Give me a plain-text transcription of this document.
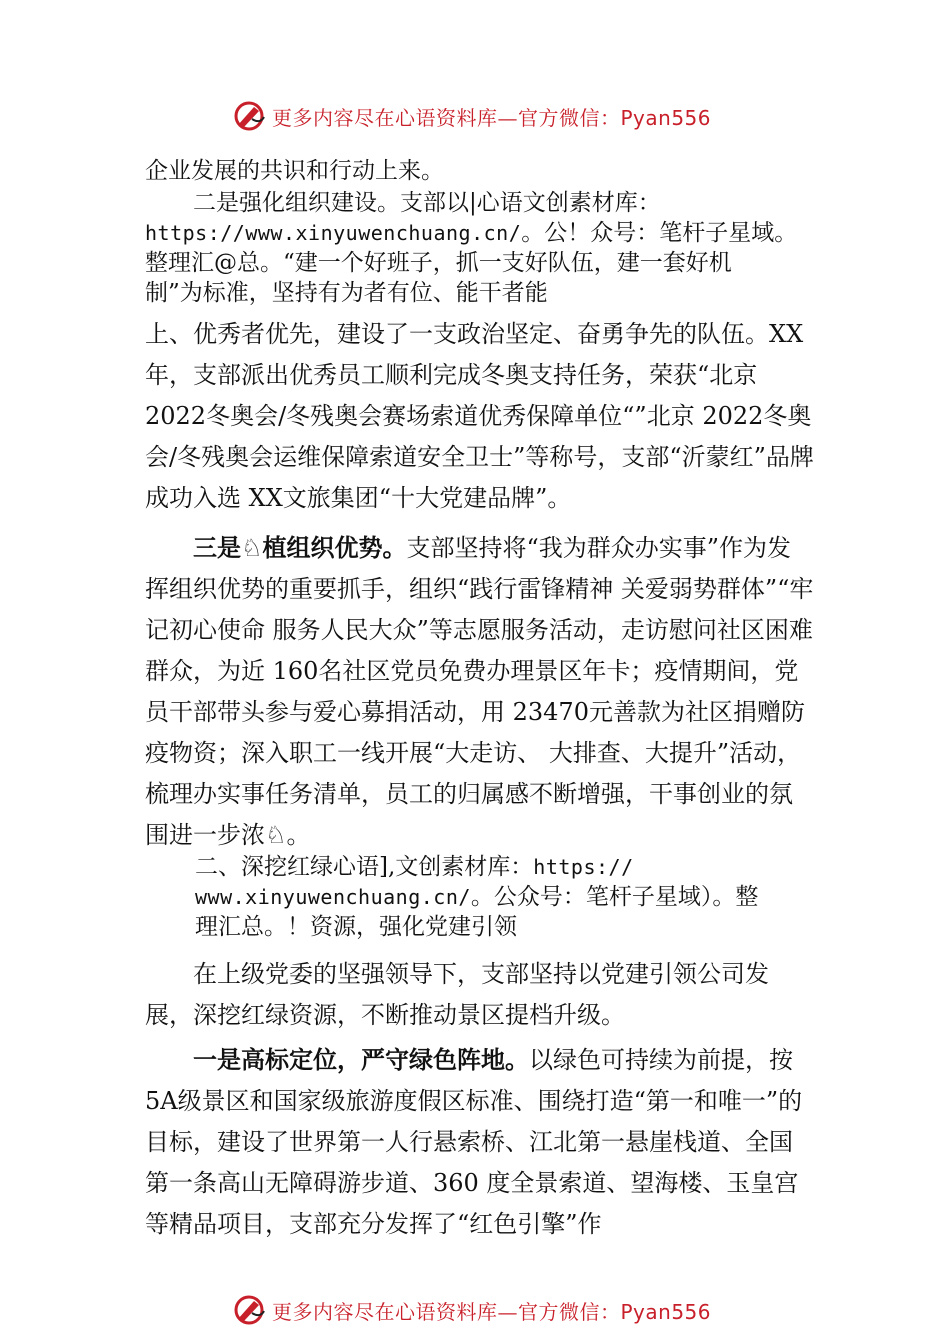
更多内容尽在心语资料库—官方微信：Pyan556

企业发展的共识和行动上来。

二是强化组织建设。支部以|心语文创素材库：
https://www.xinyuwenchuang.cn/。公！众号：笔杆子星域。
整理汇@总。“建一个好班子，抓一支好队伍，建一套好机
制”为标准，坚持有为者有位、能干者能

上、优秀者优先，建设了一支政治坚定、奋勇争先的队伍。XX年，支部派出优秀员工顺利完成冬奥支持任务，荣获“北京2022冬奥会/冬残奥会赛场索道优秀保障单位“”北京 2022冬奥会/冬残奥会运维保障索道安全卫士”等称号，支部“沂蒙红”品牌成功入选 XX文旅集团“十大党建品牌”。

三是♘植组织优势。支部坚持将“我为群众办实事”作为发挥组织优势的重要抓手，组织“践行雷锋精神 关爱弱势群体”“牢记初心使命 服务人民大众”等志愿服务活动，走访慰问社区困难群众，为近 160名社区党员免费办理景区年卡；疫情期间，党员干部带头参与爱心募捐活动，用 23470元善款为社区捐赠防疫物资；深入职工一线开展“大走访、 大排查、大提升”活动，梳理办实事任务清单，员工的归属感不断增强，干事创业的氛围进一步浓♘。

二、深挖红绿心语],文创素材库：https://
www.xinyuwenchuang.cn/。公众号：笔杆子星域）。整
理汇总。！资源，强化党建引领

在上级党委的坚强领导下，支部坚持以党建引领公司发展，深挖红绿资源，不断推动景区提档升级。

一是高标定位，严守绿色阵地。以绿色可持续为前提，按 5A级景区和国家级旅游度假区标准、围绕打造“第一和唯一”的目标，建设了世界第一人行悬索桥、江北第一悬崖栈道、全国第一条高山无障碍游步道、360 度全景索道、望海楼、玉皇宫等精品项目，支部充分发挥了“红色引擎”作

更多内容尽在心语资料库—官方微信：Pyan556
